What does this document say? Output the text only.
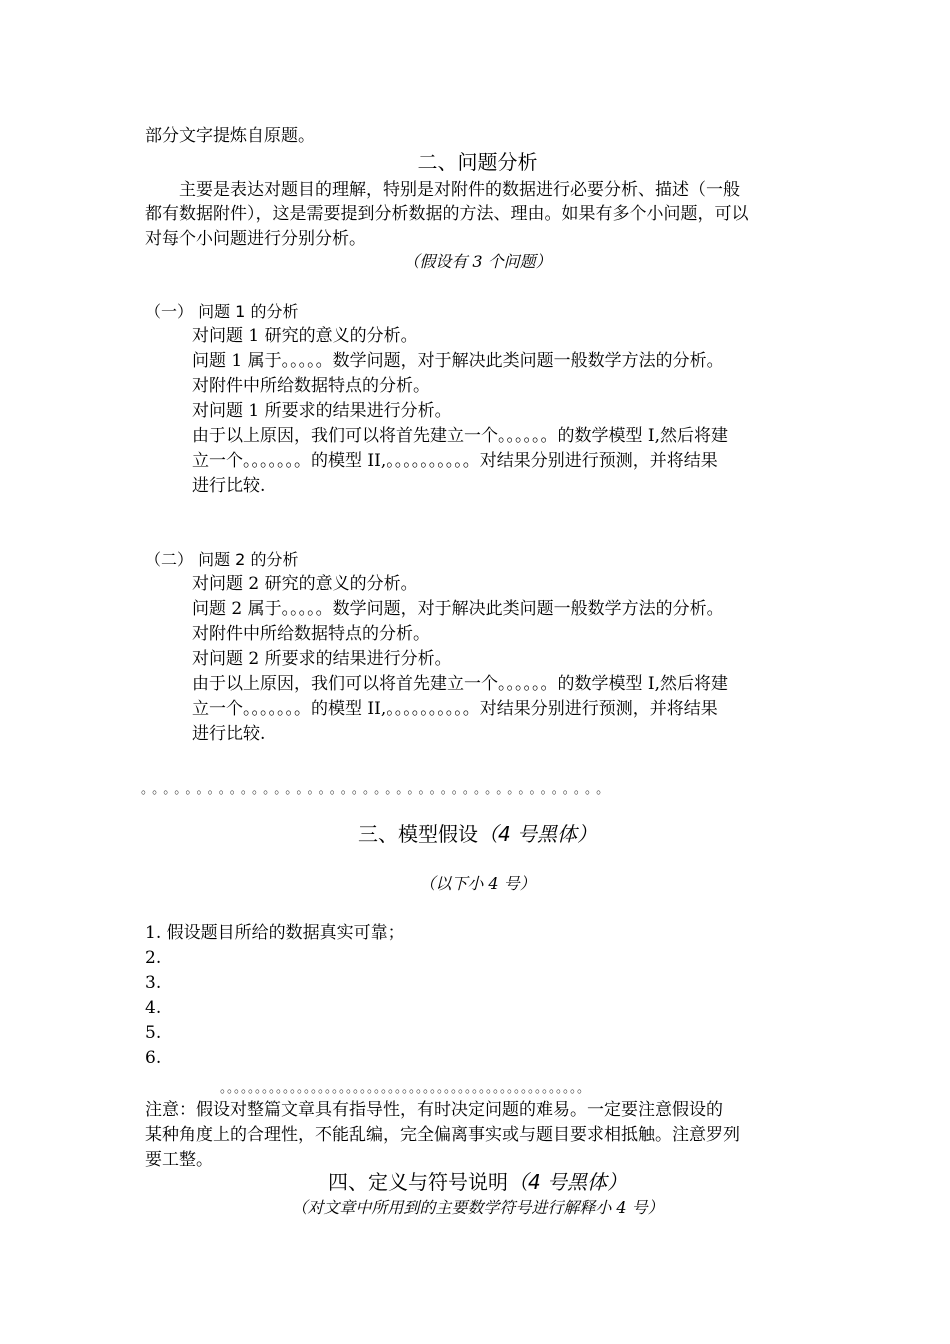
部分文字提炼自原题。
二、问题分析
主要是表达对题目的理解，特别是对附件的数据进行必要分析、描述（一般
都有数据附件），这是需要提到分析数据的方法、理由。如果有多个小问题，可以
对每个小问题进行分别分析。
（假设有 3 个问题）
（一） 问题 1 的分析
对问题 1 研究的意义的分析。
问题 1 属于。。。。。数学问题，对于解决此类问题一般数学方法的分析。
对附件中所给数据特点的分析。
对问题 1 所要求的结果进行分析。
由于以上原因，我们可以将首先建立一个。。。。。。的数学模型 I,然后将建
立一个。。。。。。。的模型 II,。。。。。。。。。。对结果分别进行预测，并将结果
进行比较.
（二） 问题 2 的分析
对问题 2 研究的意义的分析。
问题 2 属于。。。。。数学问题，对于解决此类问题一般数学方法的分析。
对附件中所给数据特点的分析。
对问题 2 所要求的结果进行分析。
由于以上原因，我们可以将首先建立一个。。。。。。的数学模型 I,然后将建
立一个。。。。。。。的模型 II,。。。。。。。。。。对结果分别进行预测，并将结果
进行比较.
。。。。。。。。。。。。。。。。。。。。。。。。。。。。。。。。。。。。。。。。。。
三、模型假设（4 号黑体）
（以下小 4 号）
1. 假设题目所给的数据真实可靠；
2.
3.
4.
5.
6.
。。。。。。。。。。。。。。。。。。。。。。。。。。。。。。。。。。。。。。。。。。。。。。。。。。。。
注意：假设对整篇文章具有指导性，有时决定问题的难易。一定要注意假设的
某种角度上的合理性，不能乱编，完全偏离事实或与题目要求相抵触。注意罗列
要工整。
四、定义与符号说明（4 号黑体）
（对文章中所用到的主要数学符号进行解释小 4 号）
